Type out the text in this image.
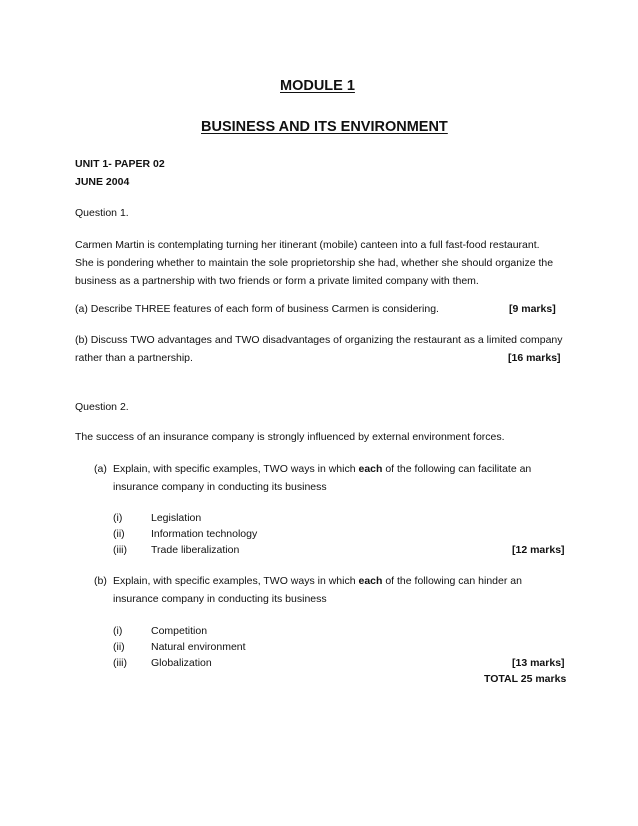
MODULE 1
BUSINESS AND ITS ENVIRONMENT
UNIT 1- PAPER 02
JUNE 2004
Question 1.
Carmen Martin is contemplating turning her itinerant (mobile) canteen into a full fast-food restaurant.
She is pondering whether to maintain the sole proprietorship she had, whether she should organize the
business as a partnership with two friends or form a private limited company with them.
(a) Describe THREE features of each form of business Carmen is considering.	[9 marks]
(b) Discuss TWO advantages and TWO disadvantages of organizing the restaurant as a limited company
rather than a partnership.	[16 marks]
Question 2.
The success of an insurance company is strongly influenced by external environment forces.
(a) Explain, with specific examples, TWO ways in which each of the following can facilitate an
insurance company in conducting its business
(i)	Legislation
(ii)	Information technology
(iii) Trade liberalization	[12 marks]
(b) Explain, with specific examples, TWO ways in which each of the following can hinder an
insurance company in conducting its business
(i)	Competition
(ii)	Natural environment
(iii) Globalization	[13 marks]
TOTAL 25 marks
